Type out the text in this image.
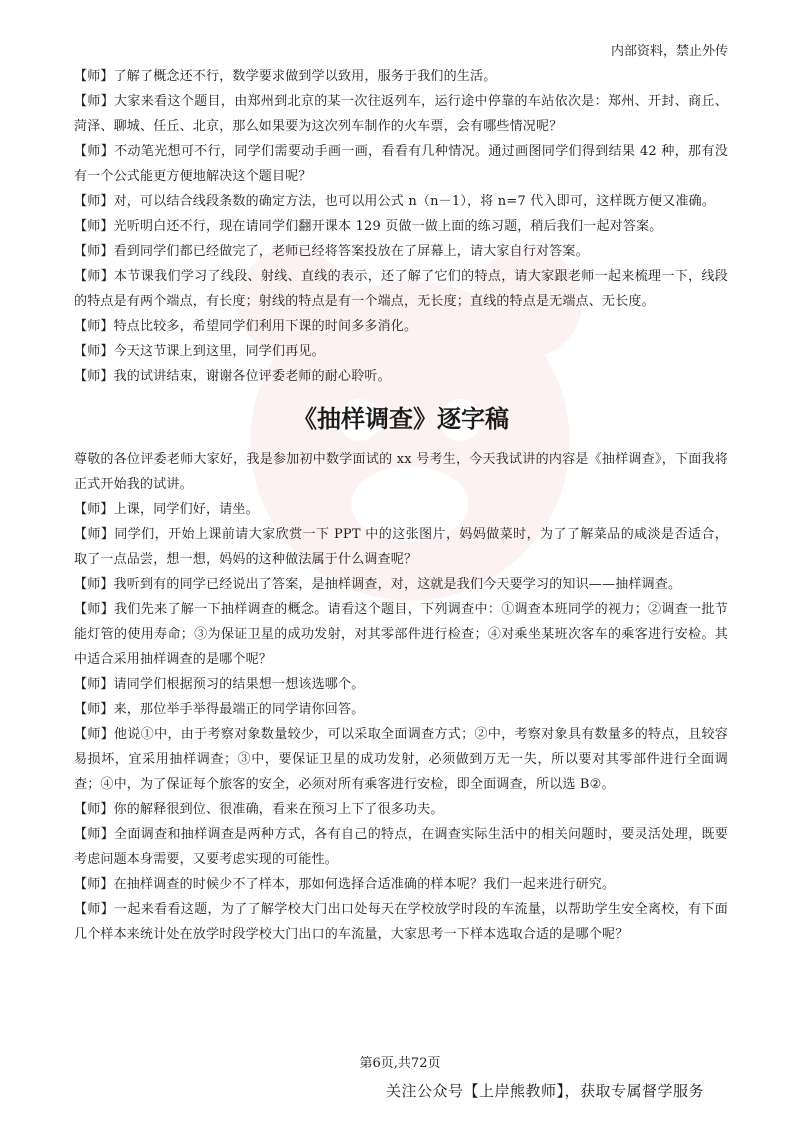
内部资料，禁止外传

【师】了解了概念还不行，数学要求做到学以致用，服务于我们的生活。

【师】大家来看这个题目，由郑州到北京的某一次往返列车，运行途中停靠的车站依次是：郑州、开封、商丘、菏泽、聊城、任丘、北京，那么如果要为这次列车制作的火车票，会有哪些情况呢？

【师】不动笔光想可不行，同学们需要动手画一画，看看有几种情况。通过画图同学们得到结果 42 种，那有没有一个公式能更方便地解决这个题目呢？

【师】对，可以结合线段条数的确定方法，也可以用公式 n（n－1），将 n=7 代入即可，这样既方便又准确。

【师】光听明白还不行，现在请同学们翻开课本 129 页做一做上面的练习题，稍后我们一起对答案。

【师】看到同学们都已经做完了，老师已经将答案投放在了屏幕上，请大家自行对答案。

【师】本节课我们学习了线段、射线、直线的表示，还了解了它们的特点，请大家跟老师一起来梳理一下，线段的特点是有两个端点，有长度；射线的特点是有一个端点，无长度；直线的特点是无端点、无长度。

【师】特点比较多，希望同学们利用下课的时间多多消化。

【师】今天这节课上到这里，同学们再见。

【师】我的试讲结束，谢谢各位评委老师的耐心聆听。

《抽样调查》逐字稿

尊敬的各位评委老师大家好，我是参加初中数学面试的 xx 号考生，今天我试讲的内容是《抽样调查》，下面我将正式开始我的试讲。

【师】上课，同学们好，请坐。

【师】同学们，开始上课前请大家欣赏一下 PPT 中的这张图片，妈妈做菜时，为了了解菜品的咸淡是否适合，取了一点品尝，想一想，妈妈的这种做法属于什么调查呢？

【师】我听到有的同学已经说出了答案，是抽样调查，对，这就是我们今天要学习的知识——抽样调查。

【师】我们先来了解一下抽样调查的概念。请看这个题目，下列调查中：①调查本班同学的视力；②调查一批节能灯管的使用寿命；③为保证卫星的成功发射，对其零部件进行检查；④对乘坐某班次客车的乘客进行安检。其中适合采用抽样调查的是哪个呢？

【师】请同学们根据预习的结果想一想该选哪个。

【师】来，那位举手举得最端正的同学请你回答。

【师】他说①中，由于考察对象数量较少，可以采取全面调查方式；②中，考察对象具有数量多的特点，且较容易损坏，宜采用抽样调查；③中，要保证卫星的成功发射，必须做到万无一失，所以要对其零部件进行全面调查；④中，为了保证每个旅客的安全，必须对所有乘客进行安检，即全面调查，所以选 B②。

【师】你的解释很到位、很准确，看来在预习上下了很多功夫。

【师】全面调查和抽样调查是两种方式，各有自己的特点，在调查实际生活中的相关问题时，要灵活处理，既要考虑问题本身需要，又要考虑实现的可能性。

【师】在抽样调查的时候少不了样本，那如何选择合适准确的样本呢？我们一起来进行研究。

【师】一起来看看这题，为了了解学校大门出口处每天在学校放学时段的车流量，以帮助学生安全离校，有下面几个样本来统计处在放学时段学校大门出口的车流量，大家思考一下样本选取合适的是哪个呢？

第6页,共72页
关注公众号【上岸熊教师】，获取专属督学服务
